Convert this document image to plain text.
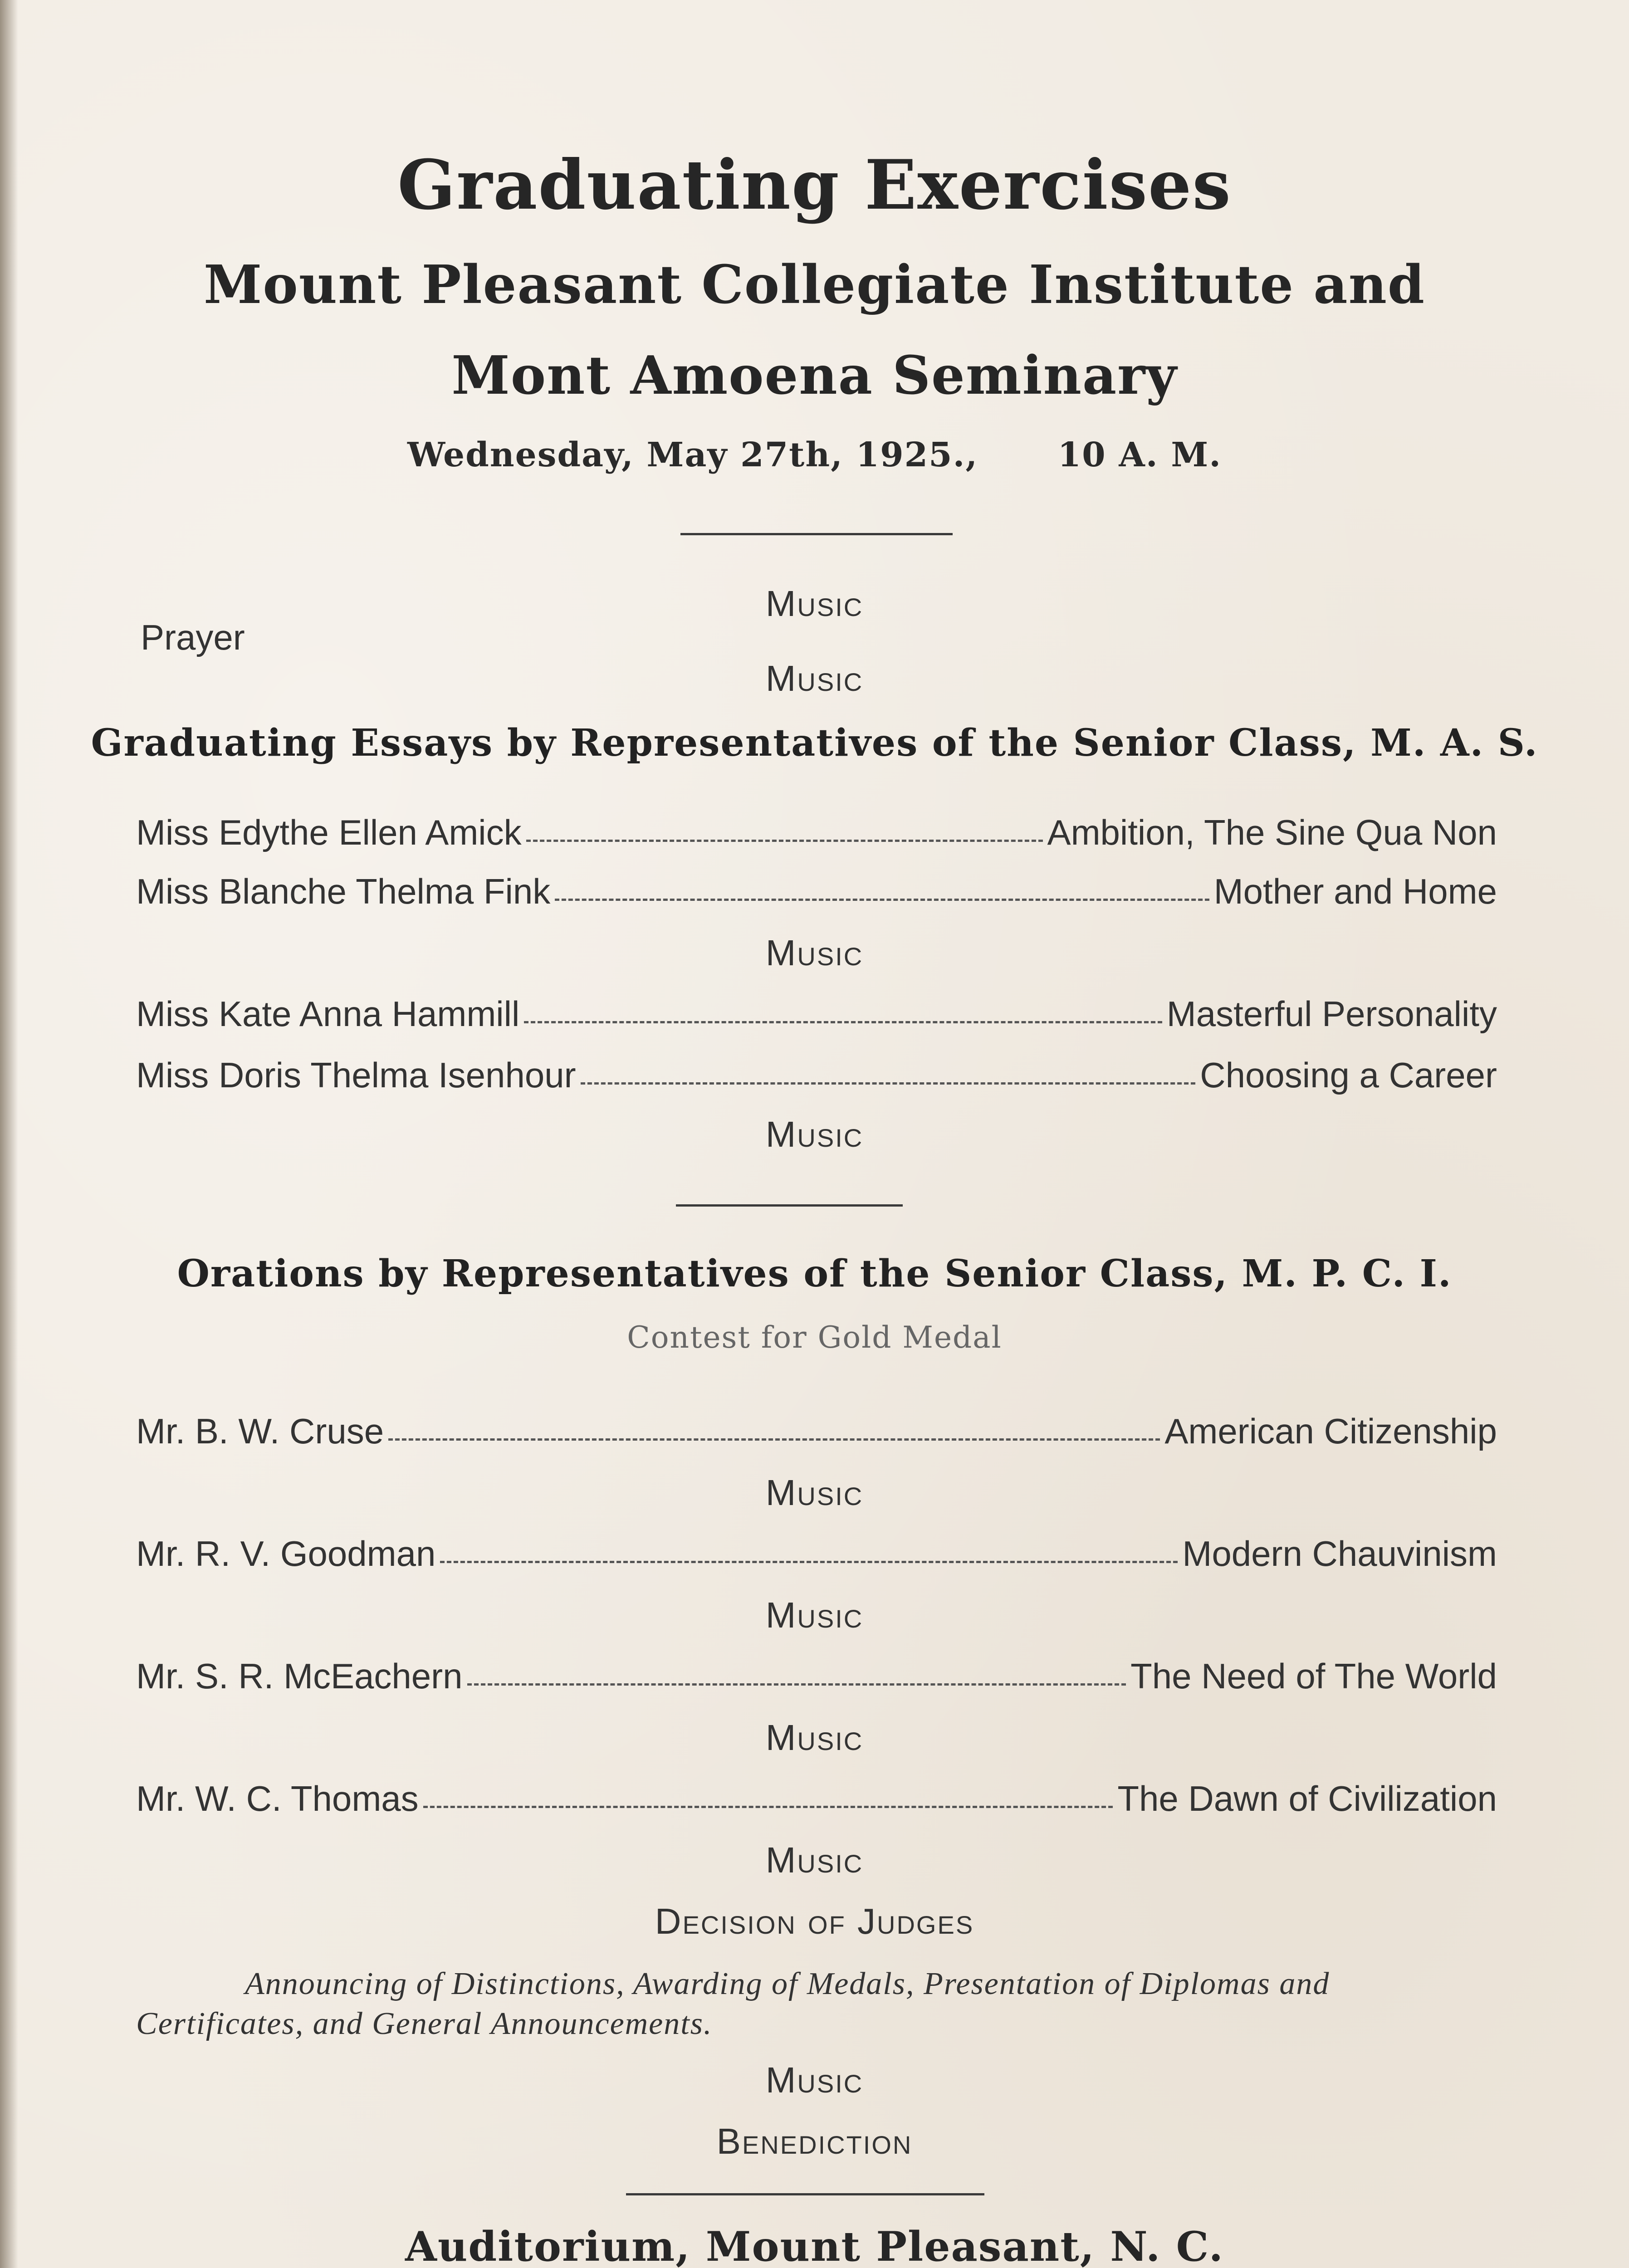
Graduating Exercises
Mount Pleasant Collegiate Institute and
Mont Amoena Seminary
Wednesday, May 27th, 1925., 10 A. M.
Music
Prayer
Music
Graduating Essays by Representatives of the Senior Class, M. A. S.
Miss Edythe Ellen Amick	Ambition, The Sine Qua Non
Miss Blanche Thelma Fink	Mother and Home
Music
Miss Kate Anna Hammill	Masterful Personality
Miss Doris Thelma Isenhour	Choosing a Career
Music
Orations by Representatives of the Senior Class, M. P. C. I.
Contest for Gold Medal
Mr. B. W. Cruse	American Citizenship
Music
Mr. R. V. Goodman	Modern Chauvinism
Music
Mr. S. R. McEachern	The Need of The World
Music
Mr. W. C. Thomas	The Dawn of Civilization
Music
Decision of Judges
Announcing of Distinctions, Awarding of Medals, Presentation of Diplomas and Certificates, and General Announcements.
Music
Benediction
Auditorium, Mount Pleasant, N. C.
